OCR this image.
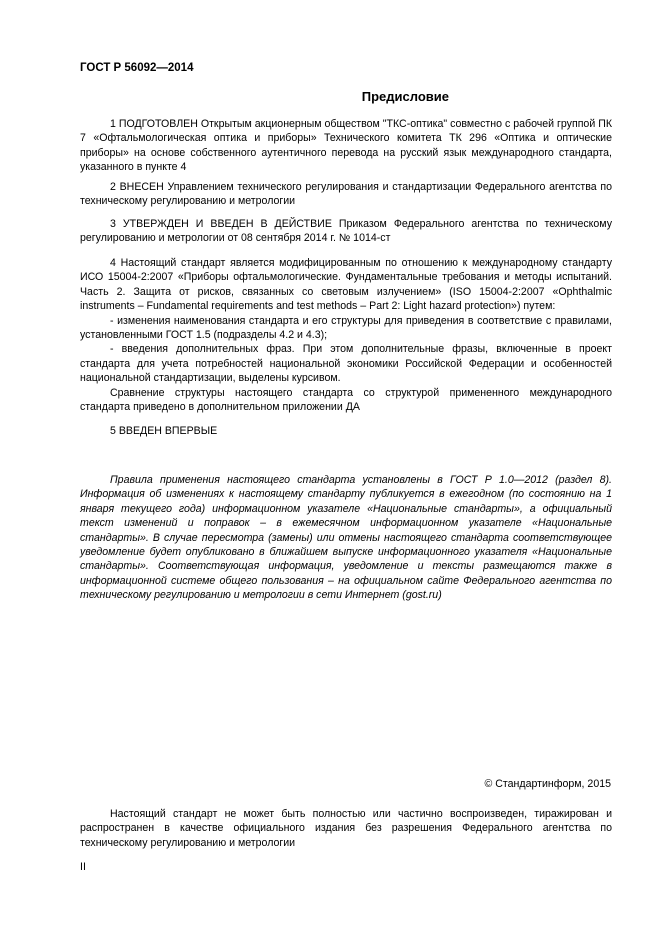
ГОСТ Р 56092—2014
Предисловие

1 ПОДГОТОВЛЕН Открытым акционерным обществом "ТКС-оптика" совместно с рабочей группой ПК 7 «Офтальмологическая оптика и приборы» Технического комитета ТК 296 «Оптика и оптические приборы» на основе собственного аутентичного перевода на русский язык международного стандарта, указанного в пункте 4

2 ВНЕСЕН Управлением технического регулирования и стандартизации Федерального агентства по техническому регулированию и метрологии

3 УТВЕРЖДЕН И ВВЕДЕН В ДЕЙСТВИЕ Приказом Федерального агентства по техническому регулированию и метрологии от 08 сентября 2014 г. № 1014-ст

4 Настоящий стандарт является модифицированным по отношению к международному стандарту ИСО 15004-2:2007 «Приборы офтальмологические. Фундаментальные требования и методы испытаний. Часть 2. Защита от рисков, связанных со световым излучением» (ISO 15004-2:2007 «Ophthalmic instruments – Fundamental requirements and test methods – Part 2: Light hazard protection») путем:

- изменения наименования стандарта и его структуры для приведения в соответствие с правилами, установленными ГОСТ 1.5 (подразделы 4.2 и 4.3);

- введения дополнительных фраз. При этом дополнительные фразы, включенные в проект стандарта для учета потребностей национальной экономики Российской Федерации и особенностей национальной стандартизации, выделены курсивом.

Сравнение структуры настоящего стандарта со структурой примененного международного стандарта приведено в дополнительном приложении ДА

5 ВВЕДЕН ВПЕРВЫЕ

Правила применения настоящего стандарта установлены в ГОСТ Р 1.0—2012 (раздел 8). Информация об изменениях к настоящему стандарту публикуется в ежегодном (по состоянию на 1 января текущего года) информационном указателе «Национальные стандарты», а официальный текст изменений и поправок – в ежемесячном информационном указателе «Национальные стандарты». В случае пересмотра (замены) или отмены настоящего стандарта соответствующее уведомление будет опубликовано в ближайшем выпуске информационного указателя «Национальные стандарты». Соответствующая информация, уведомление и тексты размещаются также в информационной системе общего пользования – на официальном сайте Федерального агентства по техническому регулированию и метрологии в сети Интернет (gost.ru)

© Стандартинформ, 2015

Настоящий стандарт не может быть полностью или частично воспроизведен, тиражирован и распространен в качестве официального издания без разрешения Федерального агентства по техническому регулированию и метрологии

II
